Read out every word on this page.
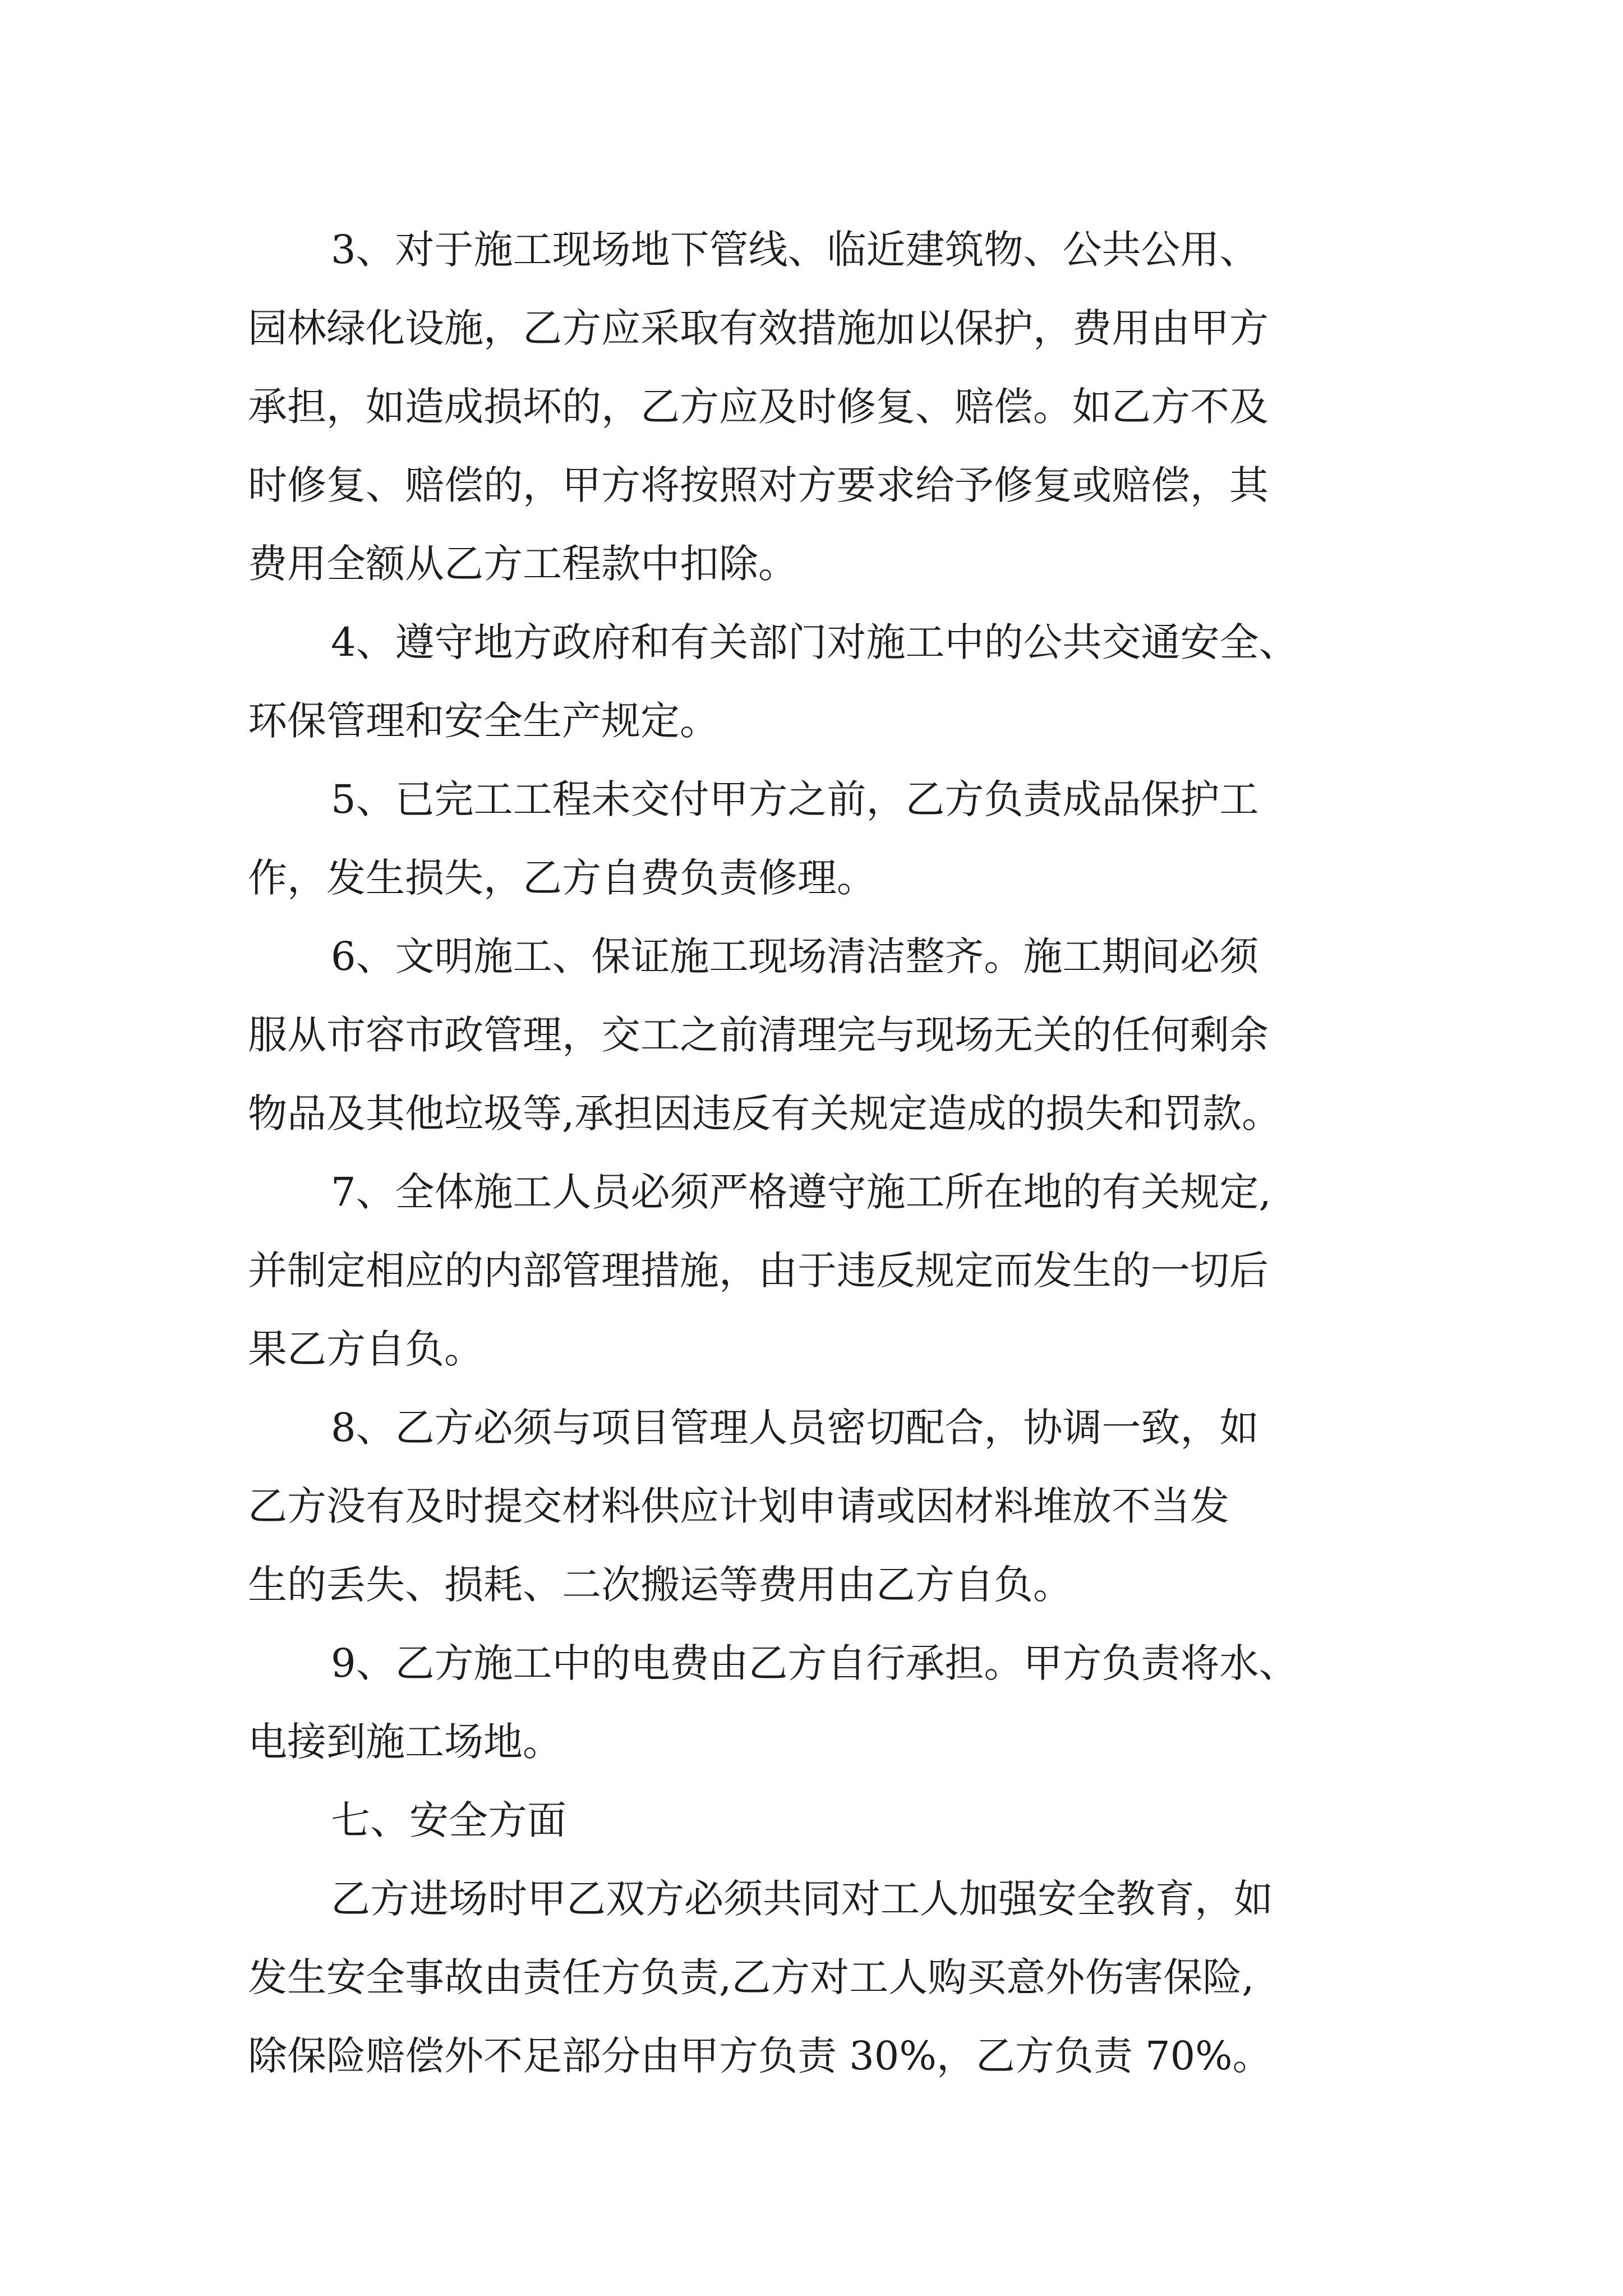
3、对于施工现场地下管线、临近建筑物、公共公用、
园林绿化设施，乙方应采取有效措施加以保护，费用由甲方
承担，如造成损坏的，乙方应及时修复、赔偿。如乙方不及
时修复、赔偿的，甲方将按照对方要求给予修复或赔偿，其
费用全额从乙方工程款中扣除。
4、遵守地方政府和有关部门对施工中的公共交通安全、
环保管理和安全生产规定。
5、已完工工程未交付甲方之前，乙方负责成品保护工
作，发生损失，乙方自费负责修理。
6、文明施工、保证施工现场清洁整齐。施工期间必须
服从市容市政管理，交工之前清理完与现场无关的任何剩余
物品及其他垃圾等,承担因违反有关规定造成的损失和罚款。
7、全体施工人员必须严格遵守施工所在地的有关规定,
并制定相应的内部管理措施，由于违反规定而发生的一切后
果乙方自负。
8、乙方必须与项目管理人员密切配合，协调一致，如
乙方没有及时提交材料供应计划申请或因材料堆放不当发
生的丢失、损耗、二次搬运等费用由乙方自负。
9、乙方施工中的电费由乙方自行承担。甲方负责将水、
电接到施工场地。
七、安全方面
乙方进场时甲乙双方必须共同对工人加强安全教育，如
发生安全事故由责任方负责,乙方对工人购买意外伤害保险,
除保险赔偿外不足部分由甲方负责 30%，乙方负责 70%。
